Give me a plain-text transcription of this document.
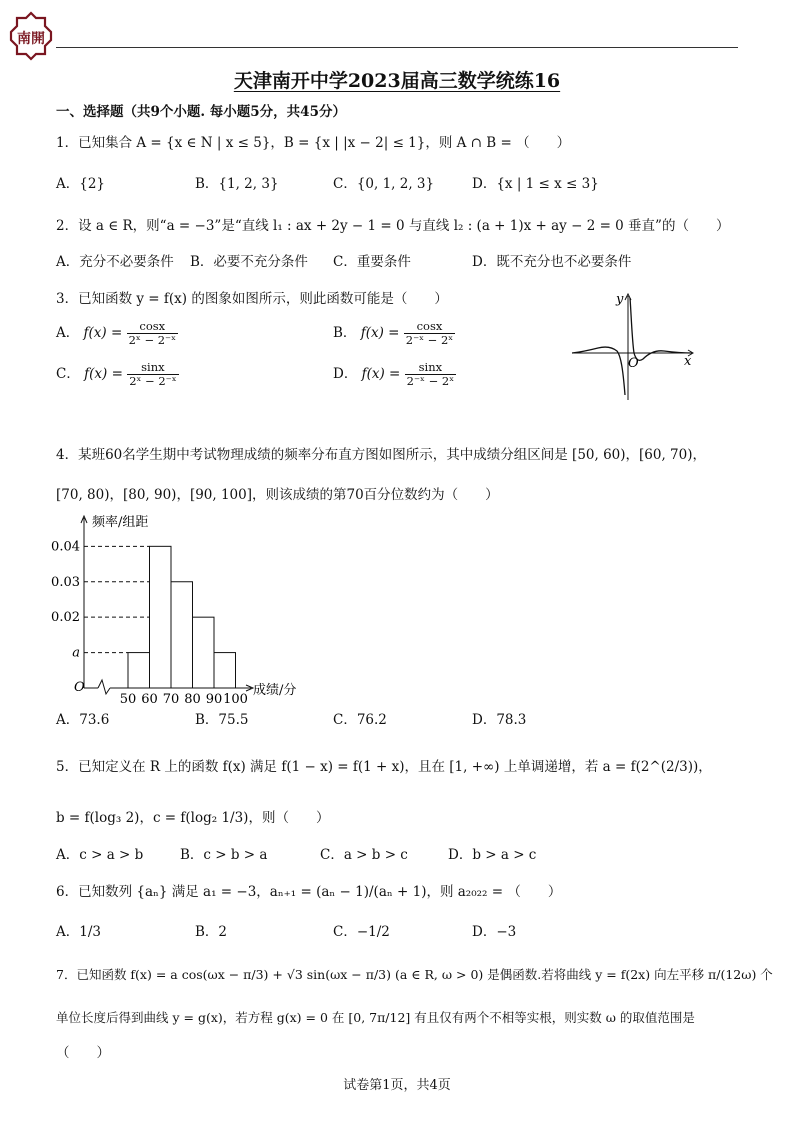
南開
天津南开中学2023届高三数学统练16
一、选择题（共9个小题. 每小题5分，共45分）
1．已知集合 A = {x ∈ N | x ≤ 5}，B = {x | |x − 2| ≤ 1}，则 A ∩ B = （　　）
A．{2}	B．{1, 2, 3}	C．{0, 1, 2, 3}	D．{x | 1 ≤ x ≤ 3}
2．设 a ∈ R，则“a = −3”是“直线 l₁ : ax + 2y − 1 = 0 与直线 l₂ : (a + 1)x + ay − 2 = 0 垂直”的（　　）
A．充分不必要条件 B．必要不充分条件 C．重要条件	D．既不充分也不必要条件
3．已知函数 y = f(x) 的图象如图所示，则此函数可能是（　　）
A． $f(x) = \frac{\cos x}{\text{2ˣ − 2⁻ˣ}}$	B． $f(x) = \frac{\cos x}{\text{2⁻ˣ − 2ˣ}}$
C． $f(x) = \frac{\sin x}{\text{2ˣ − 2⁻ˣ}}$	D． $f(x) = \frac{\sin x}{\text{2⁻ˣ − 2ˣ}}$
y
x
O
4．某班60名学生期中考试物理成绩的频率分布直方图如图所示，其中成绩分组区间是 [50, 60)，[60, 70)，
[70, 80)，[80, 90)，[90, 100]，则该成绩的第70百分位数约为（　　）
频率/组距
成绩/分
O
a
0.02
0.03
0.04
50 60 70 80 90 100
A．73.6	B．75.5	C．76.2	D．78.3
5．已知定义在 R 上的函数 f(x) 满足 f(1 − x) = f(1 + x)，且在 [1, +∞) 上单调递增，若 a = f(2^(2/3))，
b = f(log₃ 2)，c = f(log₂ 1/3)，则（　　）
A．c > a > b	B．c > b > a	C．a > b > c	D．b > a > c
6．已知数列 {aₙ} 满足 a₁ = −3，aₙ₊₁ = (aₙ − 1)/(aₙ + 1)，则 a₂₀₂₂ = （　　）
A．1/3	B．2	C．−1/2	D．−3
7．已知函数 f(x) = a cos(ωx − π/3) + √3 sin(ωx − π/3) (a ∈ R, ω > 0) 是偶函数.若将曲线 y = f(2x) 向左平移 π/(12ω) 个
单位长度后得到曲线 y = g(x)，若方程 g(x) = 0 在 [0, 7π/12] 有且仅有两个不相等实根，则实数 ω 的取值范围是
（　　）
试卷第1页，共4页
